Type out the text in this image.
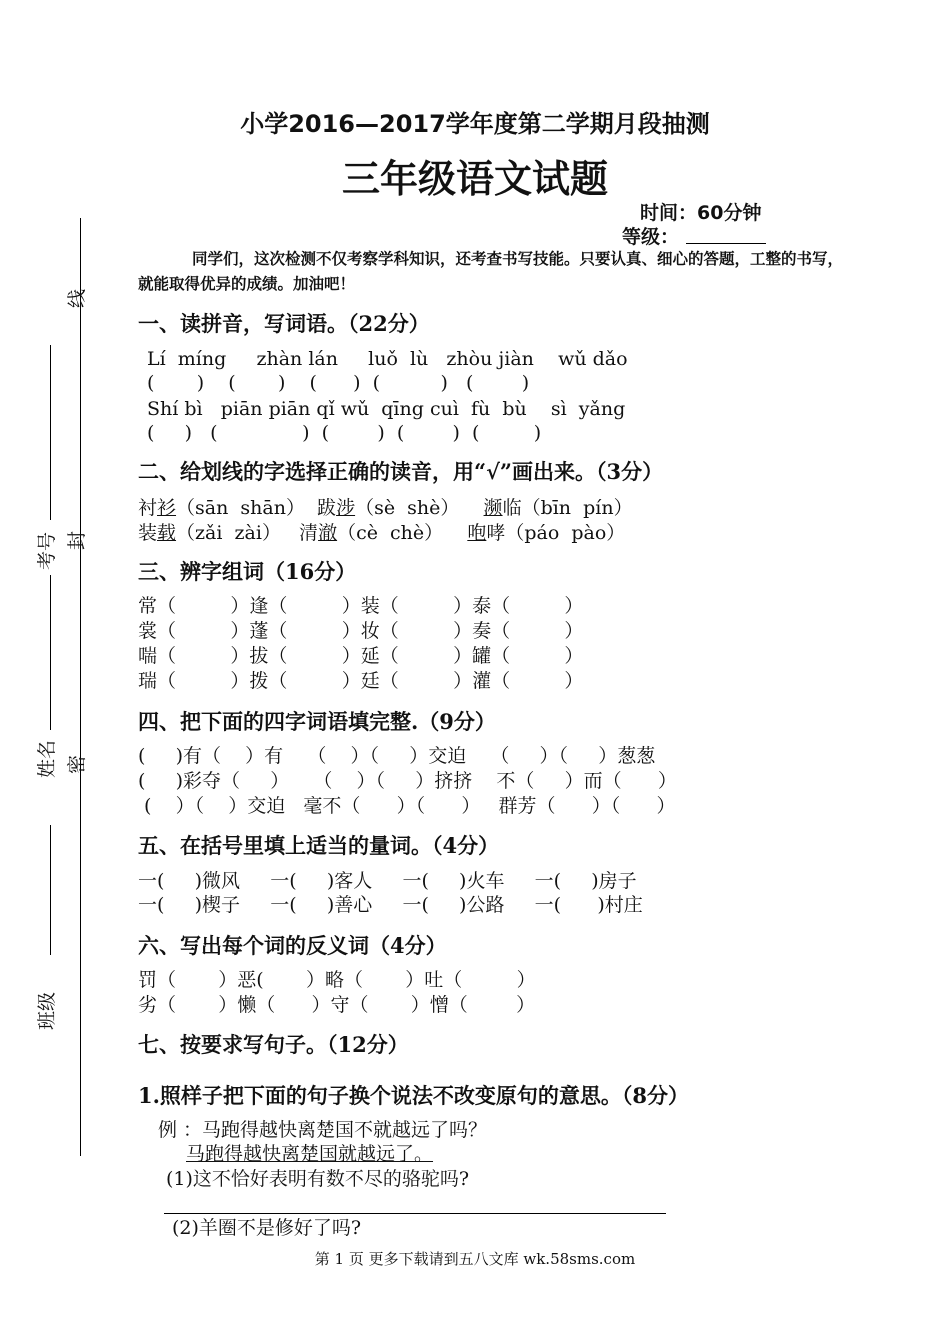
线
考号 封
姓名 密
班级
小学2016—2017学年度第二学期月段抽测
三年级语文试题
时间：60分钟
等级：
同学们，这次检测不仅考察学科知识，还考查书写技能。只要认真、细心的答题，工整的书写，就能取得优异的成绩。加油吧！
一、读拼音，写词语。（22分）
Lí  míng     zhàn lán     luǒ  lù   zhòu jiàn    wǔ dǎo
(       )    (       )    (      )  (          )   (        )
Shí bì   piān piān qǐ wǔ  qīng cuì  fù  bù    sì  yǎng
(     )   (              )  (        )  (        )  (         )
二、给划线的字选择正确的读音，用“√”画出来。（3分）
衬衫（sān  shān）  跋涉（sè  shè）    濒临（bīn  pín）
装载（zǎi  zài）   清澈（cè  chè）    咆哮（páo  pào）
三、辨字组词（16分）
常（         ）逢（         ）装（         ）泰（         ）
裳（         ）蓬（         ）妆（         ）奏（         ）
喘（         ）拔（         ）延（         ）罐（         ）
瑞（         ）拨（         ）廷（         ）灌（         ）
四、把下面的四字词语填完整.（9分）
(     )有（    ）有    （    ）（     ）交迫    （     ）（     ）葱葱
(     )彩夺（     ）    （    ）（     ）挤挤    不（     ）而（      ）
(    ）（    ）交迫   毫不（      ）（      ）   群芳（      ）（      ）
五、在括号里填上适当的量词。（4分）
一(     )微风     一(     )客人     一(     )火车     一(     )房子
一(     )楔子     一(     )善心     一(     )公路     一(      )村庄
六、写出每个词的反义词（4分）
罚（       ）恶(       ）略（       ）吐（         ）
劣（       ）懒（      ）守（       ）憎（        ）
七、按要求写句子。（12分）
1.照样子把下面的句子换个说法不改变原句的意思。（8分）
例 ：马跑得越快离楚国不就越远了吗？
马跑得越快离楚国就越远了。
(1)这不恰好表明有数不尽的骆驼吗?
(2)羊圈不是修好了吗?
第 1 页 更多下载请到五八文库 wk.58sms.com
